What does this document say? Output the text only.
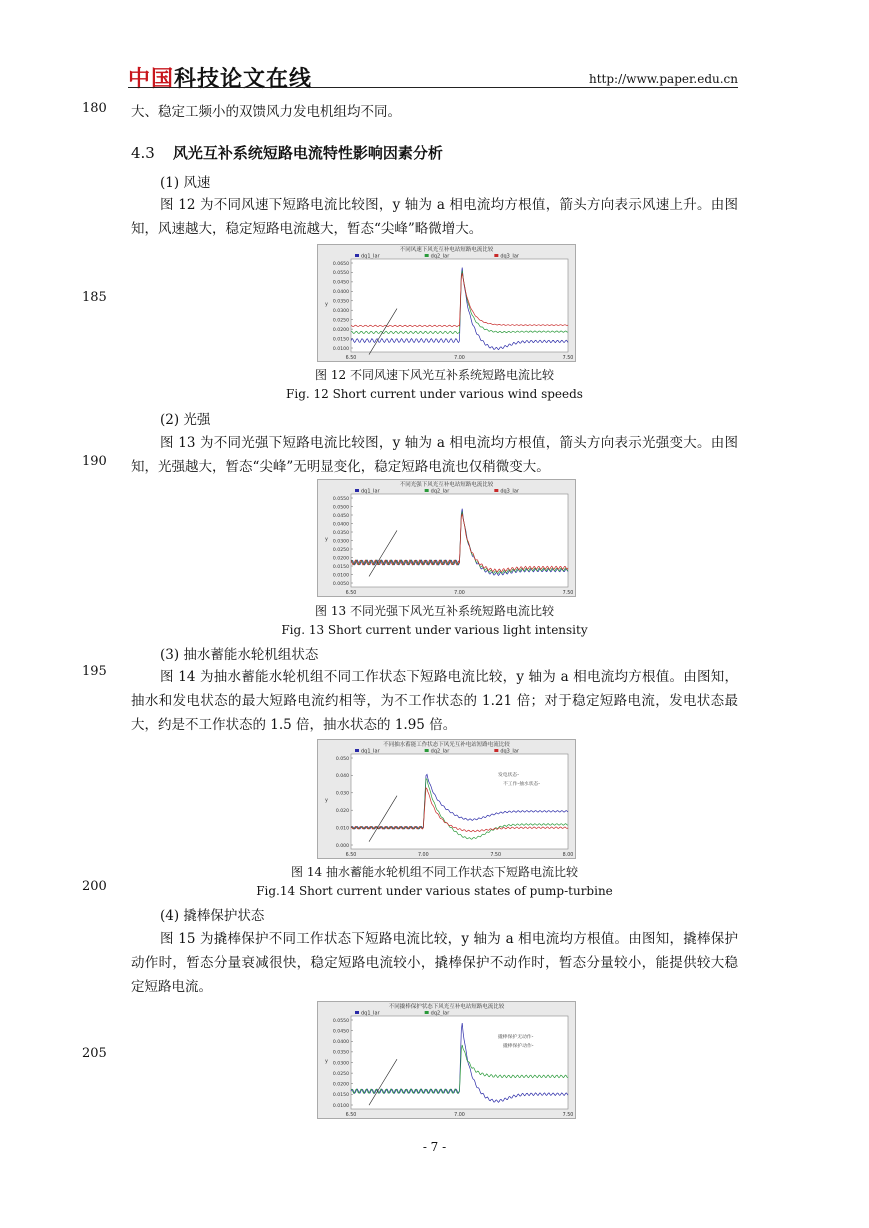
中国科技论文在线	http://www.paper.edu.cn
180
185
190
195
200
205
大、稳定工频小的双馈风力发电机组均不同。
4.3 风光互补系统短路电流特性影响因素分析
(1) 风速
图 12 为不同风速下短路电流比较图，y 轴为 a 相电流均方根值，箭头方向表示风速上升。由图知，风速越大，稳定短路电流越大，暂态“尖峰”略微增大。
不同风速下风光互补电站短路电流比较
dq1_Iar	dq2_Iar	dq3_Iar
0.0650
0.0550
0.0450
0.0400
0.0350
0.0300
0.0250
0.0200
0.0150
0.0100
y
6.50	7.00	7.50
图 12 不同风速下风光互补系统短路电流比较
Fig. 12 Short current under various wind speeds
(2) 光强
图 13 为不同光强下短路电流比较图，y 轴为 a 相电流均方根值，箭头方向表示光强变大。由图知，光强越大，暂态“尖峰”无明显变化，稳定短路电流也仅稍微变大。
不同光强下风光互补电站短路电流比较
dq1_Iar	dq2_Iar	dq3_Iar
0.0550
0.0500
0.0450
0.0400
0.0350
0.0300
0.0250
0.0200
0.0150
0.0100
0.0050
y
6.50	7.00	7.50
图 13 不同光强下风光互补系统短路电流比较
Fig. 13 Short current under various light intensity
(3) 抽水蓄能水轮机组状态
图 14 为抽水蓄能水轮机组不同工作状态下短路电流比较，y 轴为 a 相电流均方根值。由图知， 抽水和发电状态的最大短路电流约相等，为不工作状态的 1.21 倍；对于稳定短路电流，发电状态最大，约是不工作状态的 1.5 倍，抽水状态的 1.95 倍。
不同抽水蓄能工作状态下风光互补电站短路电流比较
dq1_Iar	dq2_Iar	dq3_Iar
0.050
0.040
0.030
0.020
0.010
0.000
y
6.50	7.00	7.50	8.00
发电状态-
不工作-抽水状态-
图 14 抽水蓄能水轮机组不同工作状态下短路电流比较
Fig.14 Short current under various states of pump-turbine
(4) 撬棒保护状态
图 15 为撬棒保护不同工作状态下短路电流比较，y 轴为 a 相电流均方根值。由图知，撬棒保护动作时，暂态分量衰减很快，稳定短路电流较小，撬棒保护不动作时，暂态分量较小，能提供较大稳定短路电流。
不同撬棒保护状态下风光互补电站短路电流比较
dq1_Iar	dq2_Iar
0.0550
0.0450
0.0400
0.0350
0.0300
0.0250
0.0200
0.0150
0.0100
y
6.50	7.00	7.50
撬棒保护无动作-
撬棒保护动作-
- 7 -
